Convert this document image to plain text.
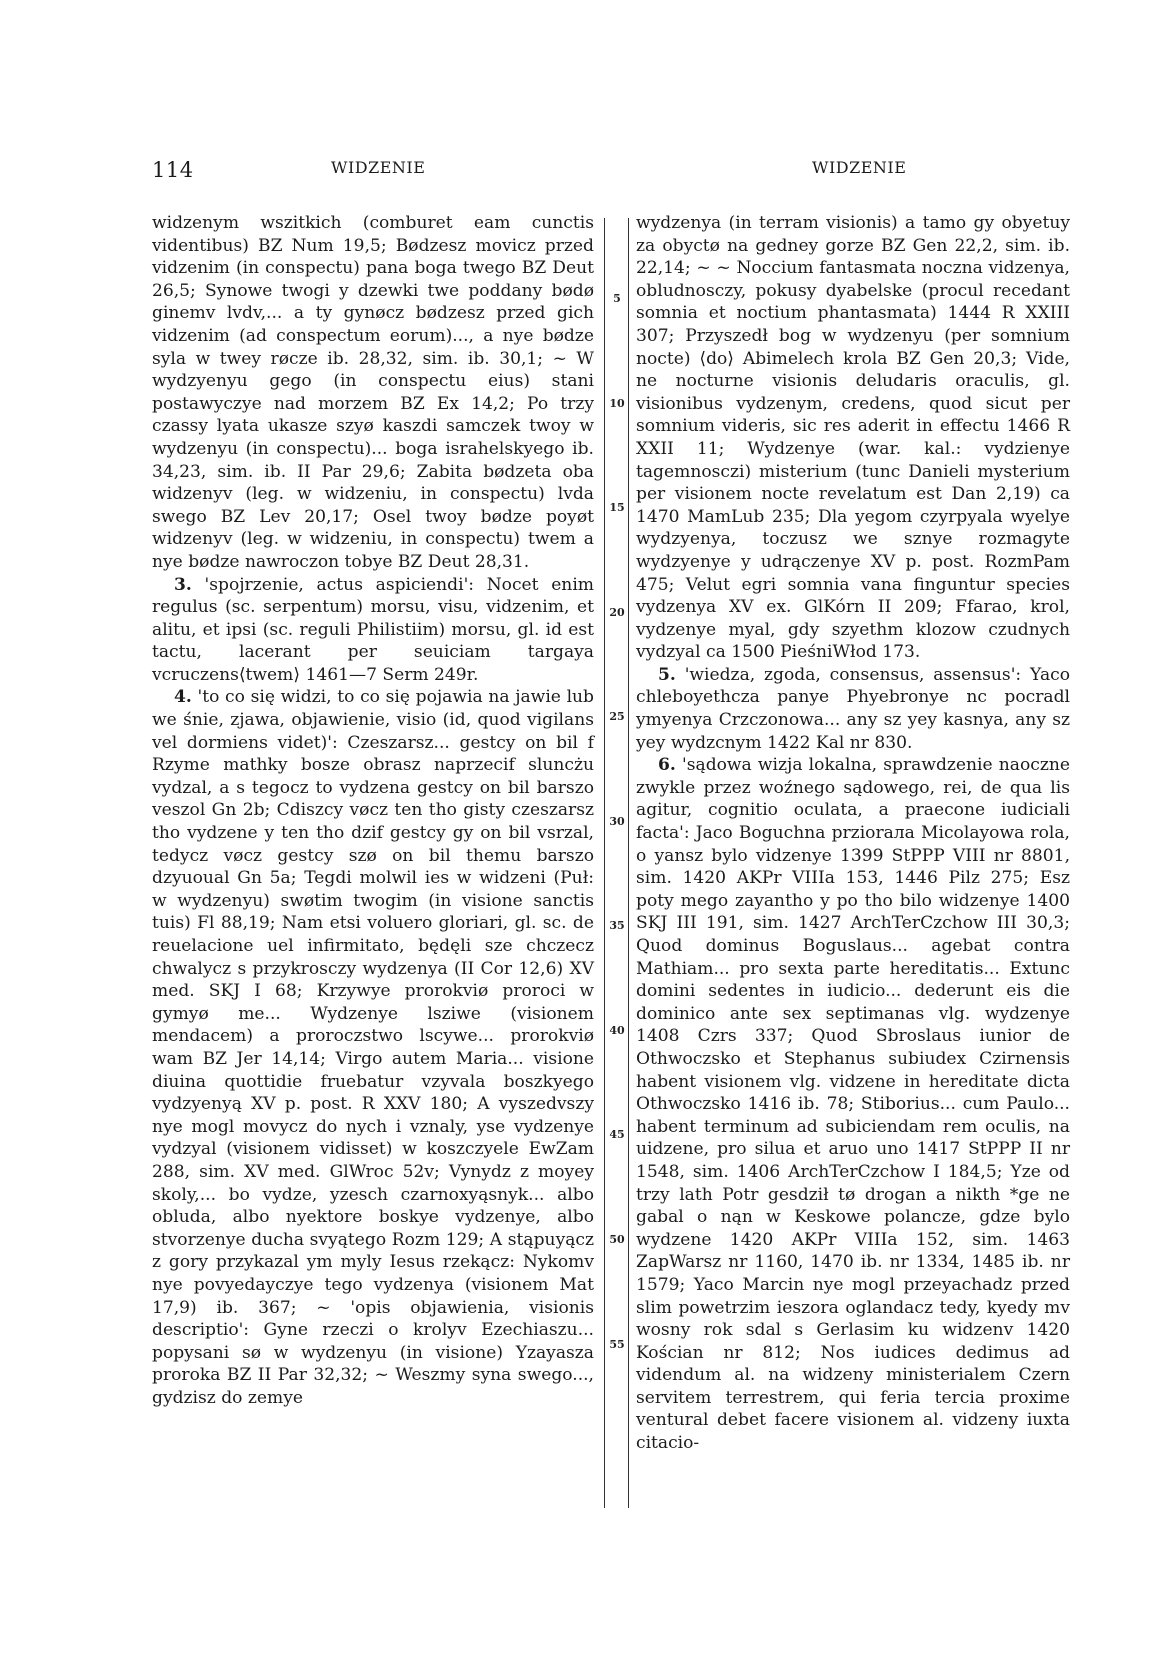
114	WIDZENIE	WIDZENIE

widzenym wszitkich (comburet eam cunctis videntibus) BZ Num 19,5; Bødzesz movicz przed vidzenim (in conspectu) pana boga twego BZ Deut 26,5; Synowe twogi y dzewki twe poddany bødø ginemv lvdv,... a ty gynøcz bødzesz przed gich vidzenim (ad conspectum eorum)..., a nye bødze syla w twey røcze ib. 28,32, sim. ib. 30,1; ~ W wydzyenyu gego (in conspectu eius) stani postawyczye nad morzem BZ Ex 14,2; Po trzy czassy lyata ukasze szyø kaszdi samczek twoy w wydzenyu (in conspectu)... boga israhelskyego ib. 34,23, sim. ib. II Par 29,6; Zabita bødzeta oba widzenyv (leg. w widzeniu, in conspectu) lvda swego BZ Lev 20,17; Osel twoy bødze poyøt widzenyv (leg. w widzeniu, in conspectu) twem a nye bødze nawroczon tobye BZ Deut 28,31.

3. 'spojrzenie, actus aspiciendi': Nocet enim regulus (sc. serpentum) morsu, visu, vidzenim, et alitu, et ipsi (sc. reguli Philistiim) morsu, gl. id est tactu, lacerant per seuiciam targaya vcruczens⟨twem⟩ 1461—7 Serm 249r.

4. 'to co się widzi, to co się pojawia na jawie lub we śnie, zjawa, objawienie, visio (id, quod vigilans vel dormiens videt)': Czeszarsz... gestcy on bil f Rzyme mathky bosze obrasz naprzecif sluncżu vydzal, a s tegocz to vydzena gestcy on bil barszo veszol Gn 2b; Cdiszcy vøcz ten tho gisty czeszarsz tho vydzene y ten tho dzif gestcy gy on bil vsrzal, tedycz vøcz gestcy szø on bil themu barszo dzyuoual Gn 5a; Tegdi molwil ies w widzeni (Puł: w wydzenyu) swøtim twogim (in visione sanctis tuis) Fl 88,19; Nam etsi voluero gloriari, gl. sc. de reuelacione uel infirmitato, będęli sze chczecz chwalycz s przykrosczy wydzenya (II Cor 12,6) XV med. SKJ I 68; Krzywye prorokviø proroci w gymyø me... Wydzenye lsziwe (visionem mendacem) a proroczstwo lscywe... prorokviø wam BZ Jer 14,14; Virgo autem Maria... visione diuina quottidie fruebatur vzyvala boszkyego vydzyenyą XV p. post. R XXV 180; A vyszedvszy nye mogl movycz do nych i vznaly, yse vydzenye vydzyal (visionem vidisset) w koszczyele EwZam 288, sim. XV med. GlWroc 52v; Vynydz z moyey skoly,... bo vydze, yzesch czarnoxyąsnyk... albo obluda, albo nyektore boskye vydzenye, albo stvorzenye ducha svyątego Rozm 129; A stąpuyącz z gory przykazal ym myly Iesus rzekącz: Nykomv nye povyedayczye tego vydzenya (visionem Mat 17,9) ib. 367; ~ 'opis objawienia, visionis descriptio': Gyne rzeczi o krolyv Ezechiaszu... popysani sø w wydzenyu (in visione) Yzayasza proroka BZ II Par 32,32; ~ Weszmy syna swego..., gydzisz do zemye

5
10
15
20
25
30
35
40
45
50
55

wydzenya (in terram visionis) a tamo gy obyetuy za obyctø na gedney gorze BZ Gen 22,2, sim. ib. 22,14; ~ ~ Noccium fantasmata noczna vidzenya, obludnosczy, pokusy dyabelske (procul recedant somnia et noctium phantasmata) 1444 R XXIII 307; Przyszedł bog w wydzenyu (per somnium nocte) ⟨do⟩ Abimelech krola BZ Gen 20,3; Vide, ne nocturne visionis deludaris oraculis, gl. visionibus vydzenym, credens, quod sicut per somnium videris, sic res aderit in effectu 1466 R XXII 11; Wydzenye (war. kal.: vydzienye tagemnosczi) misterium (tunc Danieli mysterium per visionem nocte revelatum est Dan 2,19) ca 1470 MamLub 235; Dla yegom czyrpyala wyelye wydzyenya, toczusz we sznye rozmagyte wydzyenye y udrączenye XV p. post. RozmPam 475; Velut egri somnia vana finguntur species vydzenya XV ex. GlKórn II 209; Ffarao, krol, vydzenye myal, gdy szyethm klozow czudnych vydzyal ca 1500 PieśniWłod 173.

5. 'wiedza, zgoda, consensus, assensus': Yaco chleboyethcza panye Phyebronye nc pocradl ymyenya Crzczonowa... any sz yey kasnya, any sz yey wydzcnym 1422 Kal nr 830.

6. 'sądowa wizja lokalna, sprawdzenie naoczne zwykle przez woźnego sądowego, rei, de qua lis agitur, cognitio oculata, a praecone iudiciali facta': Jaco Boguchna przioraла Micolayowa rola, o yansz bylo vidzenye 1399 StPPP VIII nr 8801, sim. 1420 AKPr VIIIa 153, 1446 Pilz 275; Esz poty mego zayantho y po tho bilo widzenye 1400 SKJ III 191, sim. 1427 ArchTerCzchow III 30,3; Quod dominus Boguslaus... agebat contra Mathiam... pro sexta parte hereditatis... Extunc domini sedentes in iudicio... dederunt eis die dominico ante sex septimanas vlg. wydzenye 1408 Czrs 337; Quod Sbroslaus iunior de Othwoczsko et Stephanus subiudex Czirnensis habent visionem vlg. vidzene in hereditate dicta Othwoczsko 1416 ib. 78; Stiborius... cum Paulo... habent terminum ad subiciendam rem oculis, na uidzene, pro silua et aruo uno 1417 StPPP II nr 1548, sim. 1406 ArchTerCzchow I 184,5; Yze od trzy lath Potr gesdził tø drogan a nikth *ge ne gabal o nąn w Keskowe polancze, gdze bylo wydzene 1420 AKPr VIIIa 152, sim. 1463 ZapWarsz nr 1160, 1470 ib. nr 1334, 1485 ib. nr 1579; Yaco Marcin nye mogl przeyachadz przed slim powetrzim ieszora oglandacz tedy, kyedy mv wosny rok sdal s Gerlasim ku widzenv 1420 Kościan nr 812; Nos iudices dedimus ad videndum al. na widzeny ministerialem Czern servitem terrestrem, qui feria tercia proxime ventural debet facere visionem al. vidzeny iuxta citacio-
